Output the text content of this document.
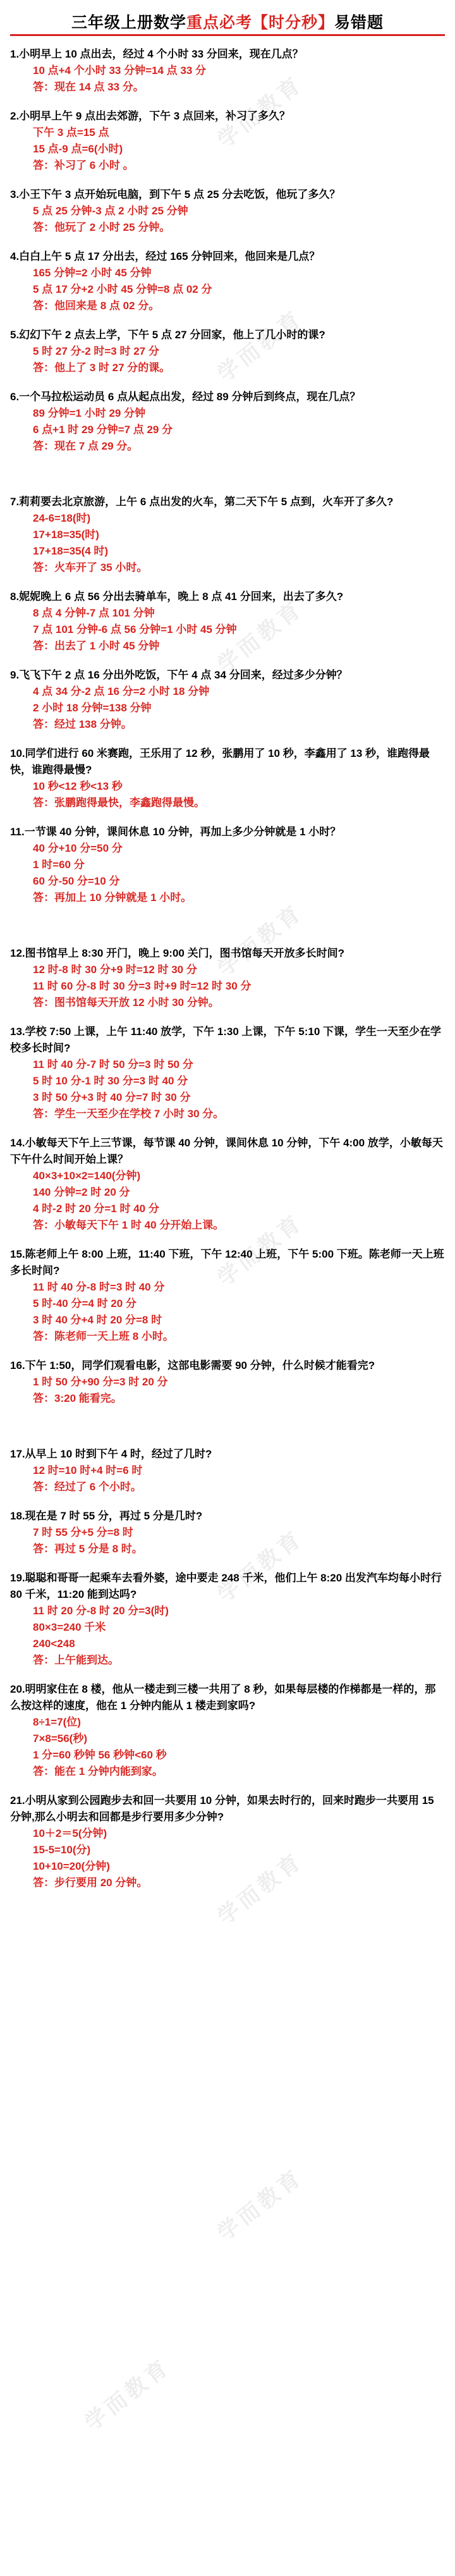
学而教育
学而教育
学而教育
学而教育
学而教育
学而教育
学而教育
学而教育
学而教育
三年级上册数学重点必考【时分秒】易错题
1.小明早上 10 点出去，经过 4 个小时 33 分回来，现在几点？
10 点+4 个小时 33 分钟=14 点 33 分
答：现在 14 点 33 分。
2.小明早上午 9 点出去郊游，下午 3 点回来，补习了多久？
下午 3 点=15 点
15 点-9 点=6(小时)
答：补习了 6 小时 。
3.小王下午 3 点开始玩电脑，到下午 5 点 25 分去吃饭，他玩了多久？
5 点 25 分钟-3 点 2 小时 25 分钟
答：他玩了 2 小时 25 分钟。
4.白白上午 5 点 17 分出去，经过 165 分钟回来，他回来是几点？
165 分钟=2 小时 45 分钟
5 点 17 分+2 小时 45 分钟=8 点 02 分
答：他回来是 8 点 02 分。
5.幻幻下午 2 点去上学，下午 5 点 27 分回家，他上了几小时的课?
5 时 27 分-2 时=3 时 27 分
答：他上了 3 时 27 分的课。
6.一个马拉松运动员 6 点从起点出发，经过 89 分钟后到终点，现在几点？
89 分钟=1 小时 29 分钟
6 点+1 时 29 分钟=7 点 29 分
答：现在 7 点 29 分。
7.莉莉要去北京旅游，上午 6 点出发的火车，第二天下午 5 点到，火车开了多久?
24-6=18(时)
17+18=35(时)
17+18=35(4 时)
答：火车开了 35 小时。
8.妮妮晚上 6 点 56 分出去骑单车，晚上 8 点 41 分回来，出去了多久?
8 点 4 分钟-7 点 101 分钟
7 点 101 分钟-6 点 56 分钟=1 小时 45 分钟
答：出去了 1 小时 45 分钟
9.飞飞下午 2 点 16 分出外吃饭，下午 4 点 34 分回来，经过多少分钟？
4 点 34 分-2 点 16 分=2 小时 18 分钟
2 小时 18 分钟=138 分钟
答：经过 138 分钟。
10.同学们进行 60 米赛跑，王乐用了 12 秒，张鹏用了 10 秒，李鑫用了 13 秒，谁跑得最快，谁跑得最慢?
10 秒<12 秒<13 秒
答：张鹏跑得最快，李鑫跑得最慢。
11.一节课 40 分钟，课间休息 10 分钟，再加上多少分钟就是 1 小时？
40 分+10 分=50 分
1 时=60 分
60 分-50 分=10 分
答：再加上 10 分钟就是 1 小时。
12.图书馆早上 8:30 开门，晚上 9:00 关门，图书馆每天开放多长时间?
12 时-8 时 30 分+9 时=12 时 30 分
11 时 60 分-8 时 30 分=3 时+9 时=12 时 30 分
答：图书馆每天开放 12 小时 30 分钟。
13.学校 7:50 上课，上午 11:40 放学，下午 1:30 上课，下午 5:10 下课，学生一天至少在学校多长时间?
11 时 40 分-7 时 50 分=3 时 50 分
5 时 10 分-1 时 30 分=3 时 40 分
3 时 50 分+3 时 40 分=7 时 30 分
答：学生一天至少在学校 7 小时 30 分。
14.小敏每天下午上三节课，每节课 40 分钟，课间休息 10 分钟，下午 4:00 放学，小敏每天下午什么时间开始上课？
40×3+10×2=140(分钟)
140 分钟=2 时 20 分
4 时-2 时 20 分=1 时 40 分
答：小敏每天下午 1 时 40 分开始上课。
15.陈老师上午 8:00 上班，11:40 下班，下午 12:40 上班，下午 5:00 下班。陈老师一天上班多长时间?
11 时 40 分-8 时=3 时 40 分
5 时-40 分=4 时 20 分
3 时 40 分+4 时 20 分=8 时
答：陈老师一天上班 8 小时。
16.下午 1:50，同学们观看电影，这部电影需要 90 分钟，什么时候才能看完?
1 时 50 分+90 分=3 时 20 分
答：3:20 能看完。
17.从早上 10 时到下午 4 时，经过了几时?
12 时=10 时+4 时=6 时
答：经过了 6 个小时。
18.现在是 7 时 55 分，再过 5 分是几时?
7 时 55 分+5 分=8 时
答：再过 5 分是 8 时。
19.聪聪和哥哥一起乘车去看外婆，途中要走 248 千米，他们上午 8:20 出发汽车均每小时行 80 千米，11:20 能到达吗?
11 时 20 分-8 时 20 分=3(时)
80×3=240 千米
240<248
答：上午能到达。
20.明明家住在 8 楼，他从一楼走到三楼一共用了 8 秒，如果每层楼的作梯都是一样的，那么按这样的速度，他在 1 分钟内能从 1 楼走到家吗?
8÷1=7(位)
7×8=56(秒)
1 分=60 秒钟 56 秒钟<60 秒
答：能在 1 分钟内能到家。
21.小明从家到公园跑步去和回一共要用 10 分钟，如果去时行的，回来时跑步一共要用 15 分钟,那么小明去和回都是步行要用多少分钟?
10＋2＝5(分钟)
15-5=10(分)
10+10=20(分钟)
答：步行要用 20 分钟。
